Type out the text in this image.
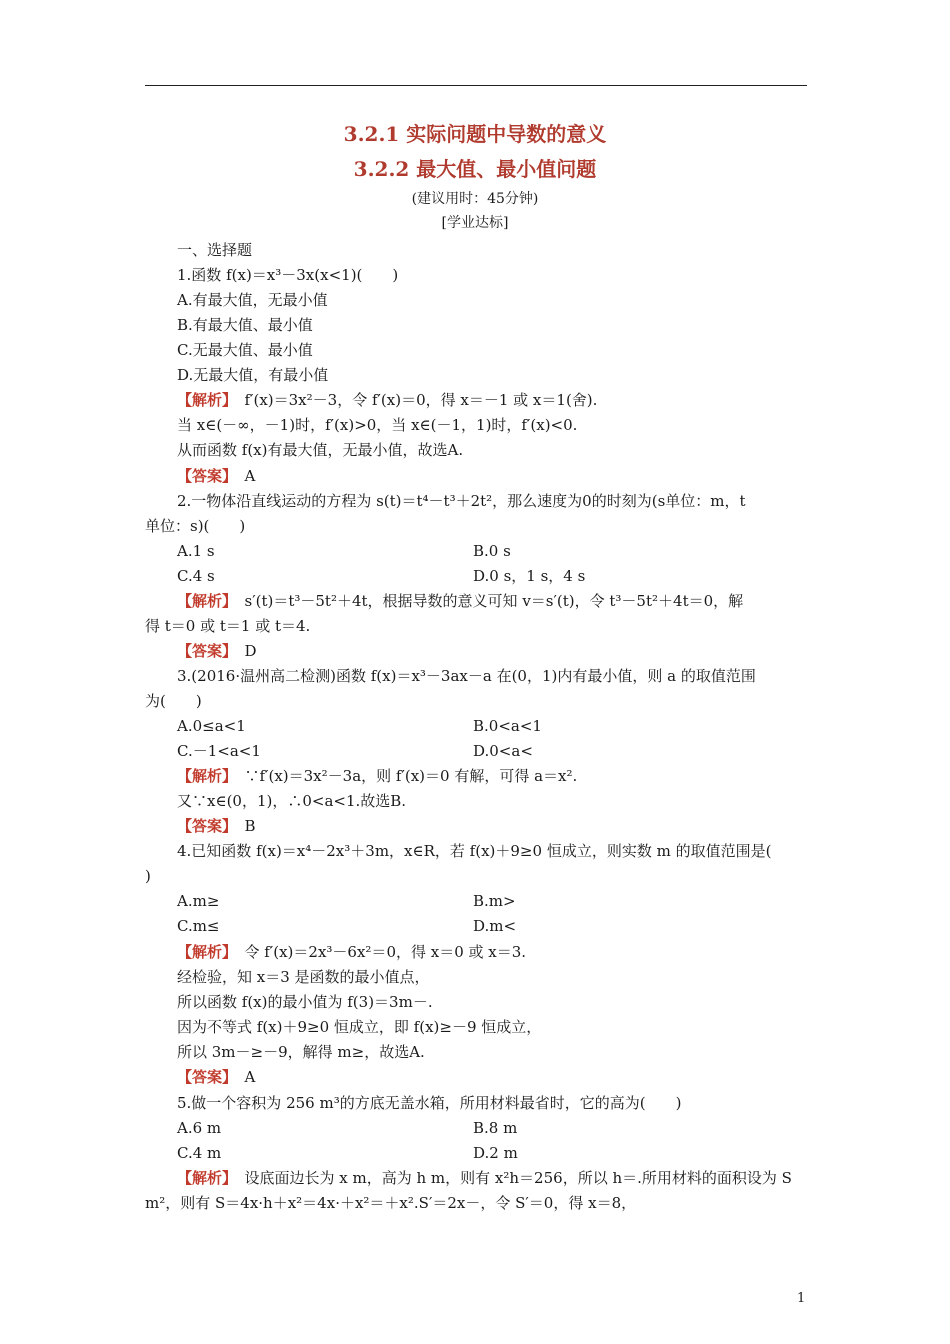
3.2.1 实际问题中导数的意义
3.2.2 最大值、最小值问题
(建议用时：45分钟)
[学业达标]
一、选择题
1.函数 f(x)＝x³－3x(x<1)(　　)
A.有最大值，无最小值
B.有最大值、最小值
C.无最大值、最小值
D.无最大值，有最小值
【解析】　f′(x)＝3x²－3，令 f′(x)＝0，得 x＝－1 或 x＝1(舍).
当 x∈(－∞，－1)时，f′(x)>0，当 x∈(－1，1)时，f′(x)<0.
从而函数 f(x)有最大值，无最小值，故选A.
【答案】　A
2.一物体沿直线运动的方程为 s(t)＝t⁴－t³＋2t²，那么速度为0的时刻为(s单位：m，t
单位：s)(　　)
A.1 s	B.0 s
C.4 s	D.0 s，1 s，4 s
【解析】　s′(t)＝t³－5t²＋4t，根据导数的意义可知 v＝s′(t)，令 t³－5t²＋4t＝0，解
得 t＝0 或 t＝1 或 t＝4.
【答案】　D
3.(2016·温州高二检测)函数 f(x)＝x³－3ax－a 在(0，1)内有最小值，则 a 的取值范围
为(　　)
A.0≤a<1	B.0<a<1
C.－1<a<1	D.0<a<
【解析】　∵f′(x)＝3x²－3a，则 f′(x)＝0 有解，可得 a＝x².
又∵x∈(0，1)，∴0<a<1.故选B.
【答案】　B
4.已知函数 f(x)＝x⁴－2x³＋3m，x∈R，若 f(x)＋9≥0 恒成立，则实数 m 的取值范围是(
)
A.m≥	B.m>
C.m≤	D.m<
【解析】　令 f′(x)＝2x³－6x²＝0，得 x＝0 或 x＝3.
经检验，知 x＝3 是函数的最小值点，
所以函数 f(x)的最小值为 f(3)＝3m－.
因为不等式 f(x)＋9≥0 恒成立，即 f(x)≥－9 恒成立，
所以 3m－≥－9，解得 m≥，故选A.
【答案】　A
5.做一个容积为 256 m³的方底无盖水箱，所用材料最省时，它的高为(　　)
A.6 m	B.8 m
C.4 m	D.2 m
【解析】　设底面边长为 x m，高为 h m，则有 x²h＝256，所以 h＝.所用材料的面积设为 S
m²，则有 S＝4x·h＋x²＝4x·＋x²＝＋x².S′＝2x－，令 S′＝0，得 x＝8，
1
